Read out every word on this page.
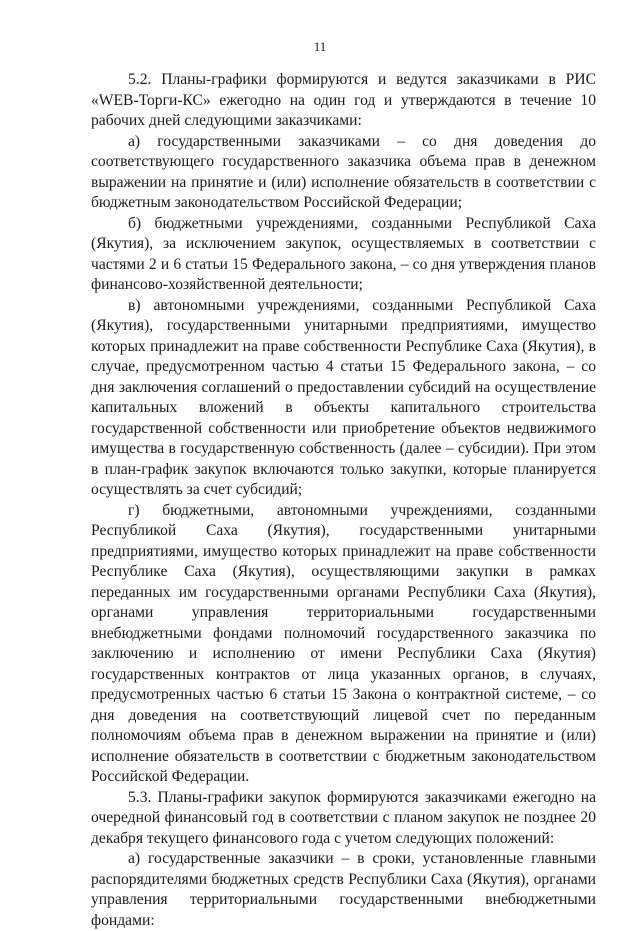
11

5.2. Планы-графики формируются и ведутся заказчиками в РИС «WEB-Торги-КС» ежегодно на один год и утверждаются в течение 10 рабочих дней следующими заказчиками:

а) государственными заказчиками – со дня доведения до соответствующего государственного заказчика объема прав в денежном выражении на принятие и (или) исполнение обязательств в соответствии с бюджетным законодательством Российской Федерации;

б) бюджетными учреждениями, созданными Республикой Саха (Якутия), за исключением закупок, осуществляемых в соответствии с частями 2 и 6 статьи 15 Федерального закона, – со дня утверждения планов финансово-хозяйственной деятельности;

в) автономными учреждениями, созданными Республикой Саха (Якутия), государственными унитарными предприятиями, имущество которых принадлежит на праве собственности Республике Саха (Якутия), в случае, предусмотренном частью 4 статьи 15 Федерального закона, – со дня заключения соглашений о предоставлении субсидий на осуществление капитальных вложений в объекты капитального строительства государственной собственности или приобретение объектов недвижимого имущества в государственную собственность (далее – субсидии). При этом в план-график закупок включаются только закупки, которые планируется осуществлять за счет субсидий;

г) бюджетными, автономными учреждениями, созданными Республикой Саха (Якутия), государственными унитарными предприятиями, имущество которых принадлежит на праве собственности Республике Саха (Якутия), осуществляющими закупки в рамках переданных им государственными органами Республики Саха (Якутия), органами управления территориальными государственными внебюджетными фондами полномочий государственного заказчика по заключению и исполнению от имени Республики Саха (Якутия) государственных контрактов от лица указанных органов, в случаях, предусмотренных частью 6 статьи 15 Закона о контрактной системе, – со дня доведения на соответствующий лицевой счет по переданным полномочиям объема прав в денежном выражении на принятие и (или) исполнение обязательств в соответствии с бюджетным законодательством Российской Федерации.

5.3. Планы-графики закупок формируются заказчиками ежегодно на очередной финансовый год в соответствии с планом закупок не позднее 20 декабря текущего финансового года с учетом следующих положений:

а) государственные заказчики – в сроки, установленные главными распорядителями бюджетных средств Республики Саха (Якутия), органами управления территориальными государственными внебюджетными фондами:
